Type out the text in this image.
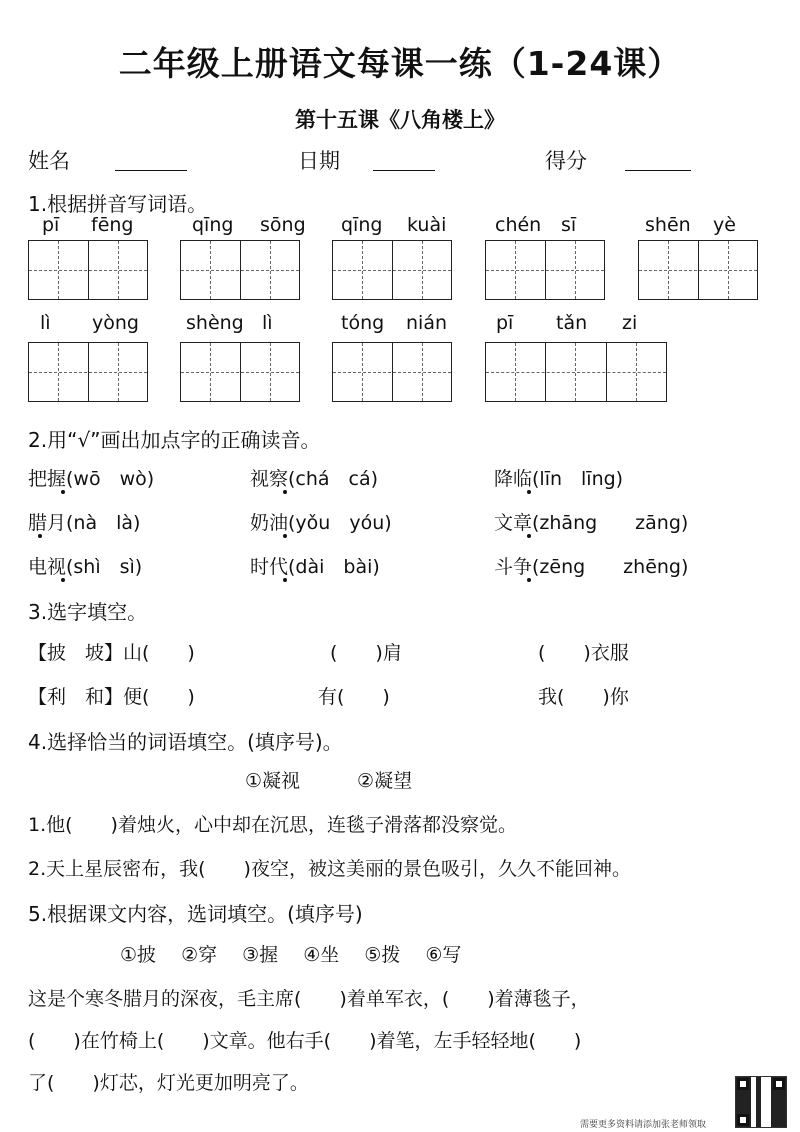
二年级上册语文每课一练（1-24课）
第十五课《八角楼上》
姓名	日期	得分
1.根据拼音写词语。
pī fēng	qīng sōng qīng kuài	chén sī	shēn yè
lì yòng shèng lì	tóng nián	pī tǎn zi
2.用“√”画出加点字的正确读音。
把握(wō　wò)	视察(chá　cá)	降临(līn　līng)
腊月(nà　là)	奶油(yǒu　yóu)	文章(zhāng　　zāng)
电视(shì　sì)	时代(dài　bài)	斗争(zēng　　zhēng)
3.选字填空。
【披　坡】山(　　)	(　　)肩	(　　)衣服
【利　和】便(　　)	有(　　)	我(　　)你
4.选择恰当的词语填空。(填序号)。
①凝视　　　②凝望
1.他(　　)着烛火，心中却在沉思，连毯子滑落都没察觉。
2.天上星辰密布，我(　　)夜空，被这美丽的景色吸引，久久不能回神。
5.根据课文内容，选词填空。(填序号)
①披　 ②穿　 ③握　 ④坐　 ⑤拨　 ⑥写
这是个寒冬腊月的深夜，毛主席(　　)着单军衣，(　　)着薄毯子，
(　　)在竹椅上(　　)文章。他右手(　　)着笔，左手轻轻地(　　)
了(　　)灯芯，灯光更加明亮了。
需要更多资料请添加张老师领取
